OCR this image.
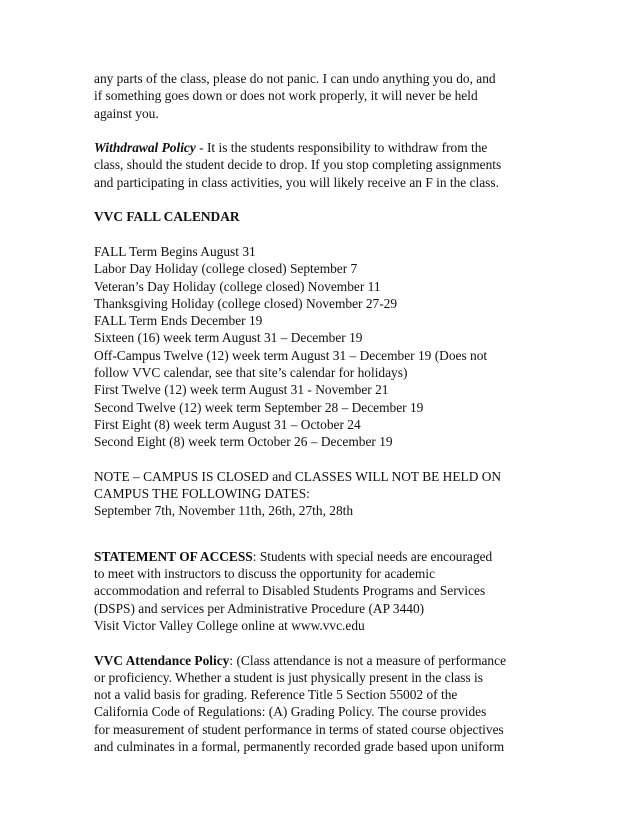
any parts of the class, please do not panic. I can undo anything you do, and
if something goes down or does not work properly, it will never be held
against you.
Withdrawal Policy - It is the students responsibility to withdraw from the
class, should the student decide to drop. If you stop completing assignments
and participating in class activities, you will likely receive an F in the class.
VVC FALL CALENDAR
FALL Term Begins August 31
Labor Day Holiday (college closed) September 7
Veteran’s Day Holiday (college closed) November 11
Thanksgiving Holiday (college closed) November 27-29
FALL Term Ends December 19
Sixteen (16) week term August 31 – December 19
Off-Campus Twelve (12) week term August 31 – December 19 (Does not
follow VVC calendar, see that site’s calendar for holidays)
First Twelve (12) week term August 31 - November 21
Second Twelve (12) week term September 28 – December 19
First Eight (8) week term August 31 – October 24
Second Eight (8) week term October 26 – December 19
NOTE – CAMPUS IS CLOSED and CLASSES WILL NOT BE HELD ON
CAMPUS THE FOLLOWING DATES:
September 7th, November 11th, 26th, 27th, 28th
STATEMENT OF ACCESS: Students with special needs are encouraged
to meet with instructors to discuss the opportunity for academic
accommodation and referral to Disabled Students Programs and Services
(DSPS) and services per Administrative Procedure (AP 3440)
Visit Victor Valley College online at www.vvc.edu
VVC Attendance Policy: (Class attendance is not a measure of performance
or proficiency. Whether a student is just physically present in the class is
not a valid basis for grading. Reference Title 5 Section 55002 of the
California Code of Regulations: (A) Grading Policy. The course provides
for measurement of student performance in terms of stated course objectives
and culminates in a formal, permanently recorded grade based upon uniform
